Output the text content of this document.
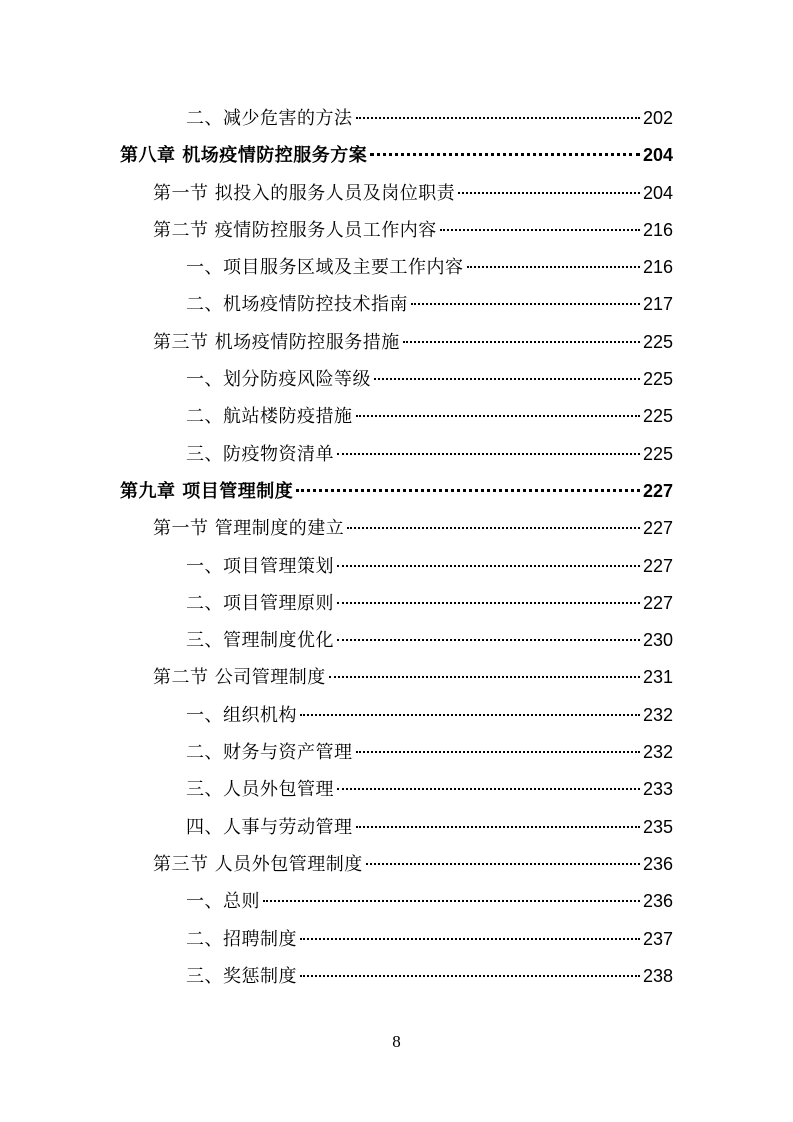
二、减少危害的方法	202
第八章 机场疫情防控服务方案	204
第一节 拟投入的服务人员及岗位职责	204
第二节 疫情防控服务人员工作内容	216
一、项目服务区域及主要工作内容	216
二、机场疫情防控技术指南	217
第三节 机场疫情防控服务措施	225
一、划分防疫风险等级	225
二、航站楼防疫措施	225
三、防疫物资清单	225
第九章 项目管理制度	227
第一节 管理制度的建立	227
一、项目管理策划	227
二、项目管理原则	227
三、管理制度优化	230
第二节 公司管理制度	231
一、组织机构	232
二、财务与资产管理	232
三、人员外包管理	233
四、人事与劳动管理	235
第三节 人员外包管理制度	236
一、总则	236
二、招聘制度	237
三、奖惩制度	238
8
